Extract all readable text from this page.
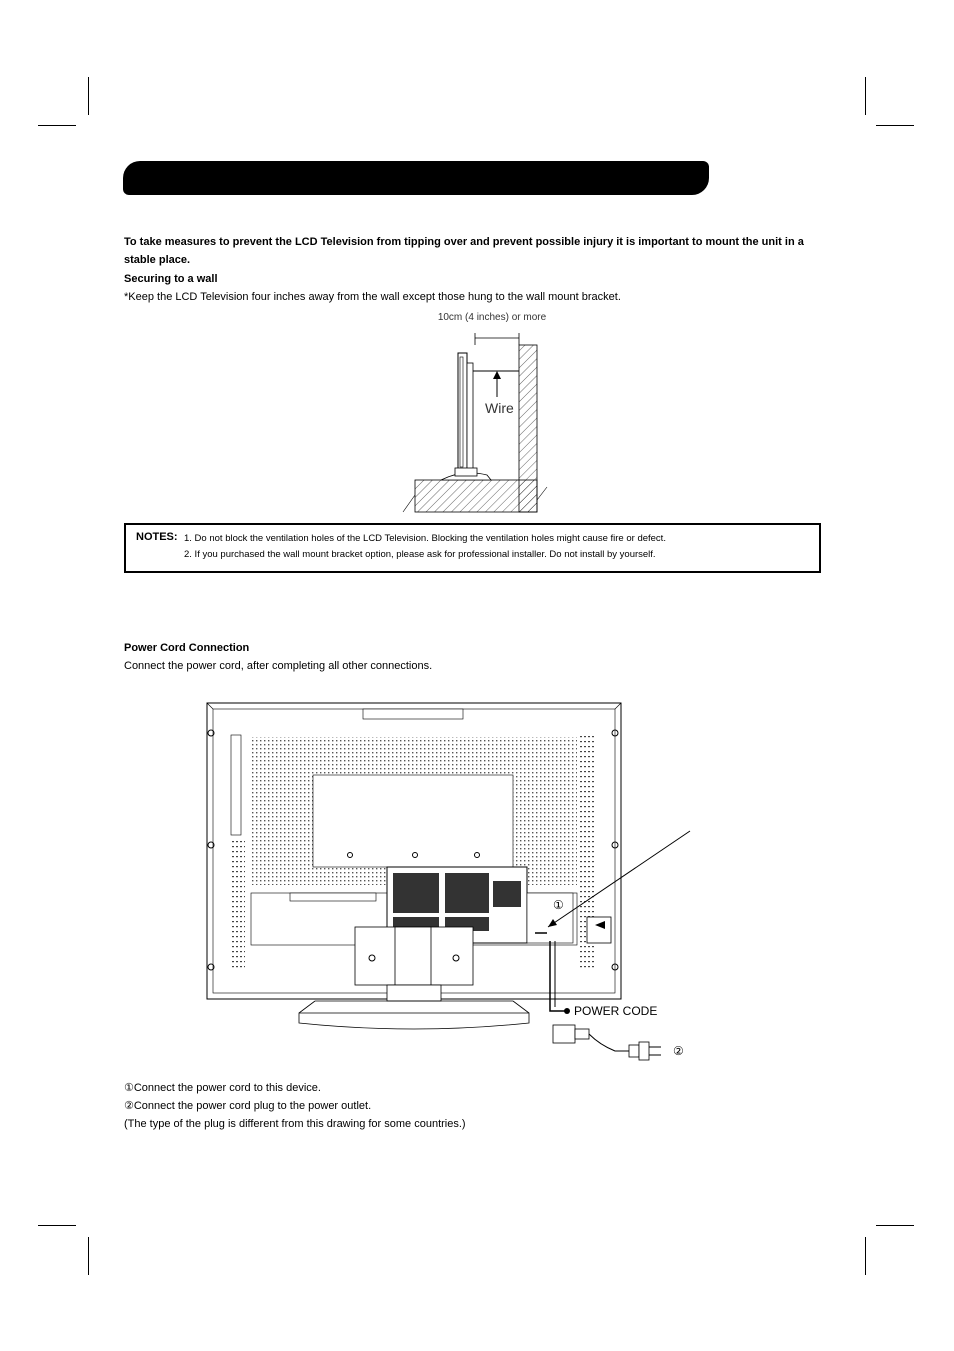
To take measures to prevent the LCD Television from tipping over and prevent possible injury it is important to mount the unit in a stable place.
Securing to a wall
*Keep the LCD Television four inches away from the wall except those hung to the wall mount bracket.
10cm (4 inches) or more
Wire
NOTES: 1. Do not block the ventilation holes of the LCD Television. Blocking the ventilation holes might cause fire or defect.
2. If you purchased the wall mount bracket option, please ask for professional installer. Do not install by yourself.
Power Cord Connection
Connect the power cord, after completing all other connections.
①
POWER CODE
②
①Connect the power cord to this device.
②Connect the power cord plug to the power outlet.
(The type of the plug is different from this drawing for some countries.)
